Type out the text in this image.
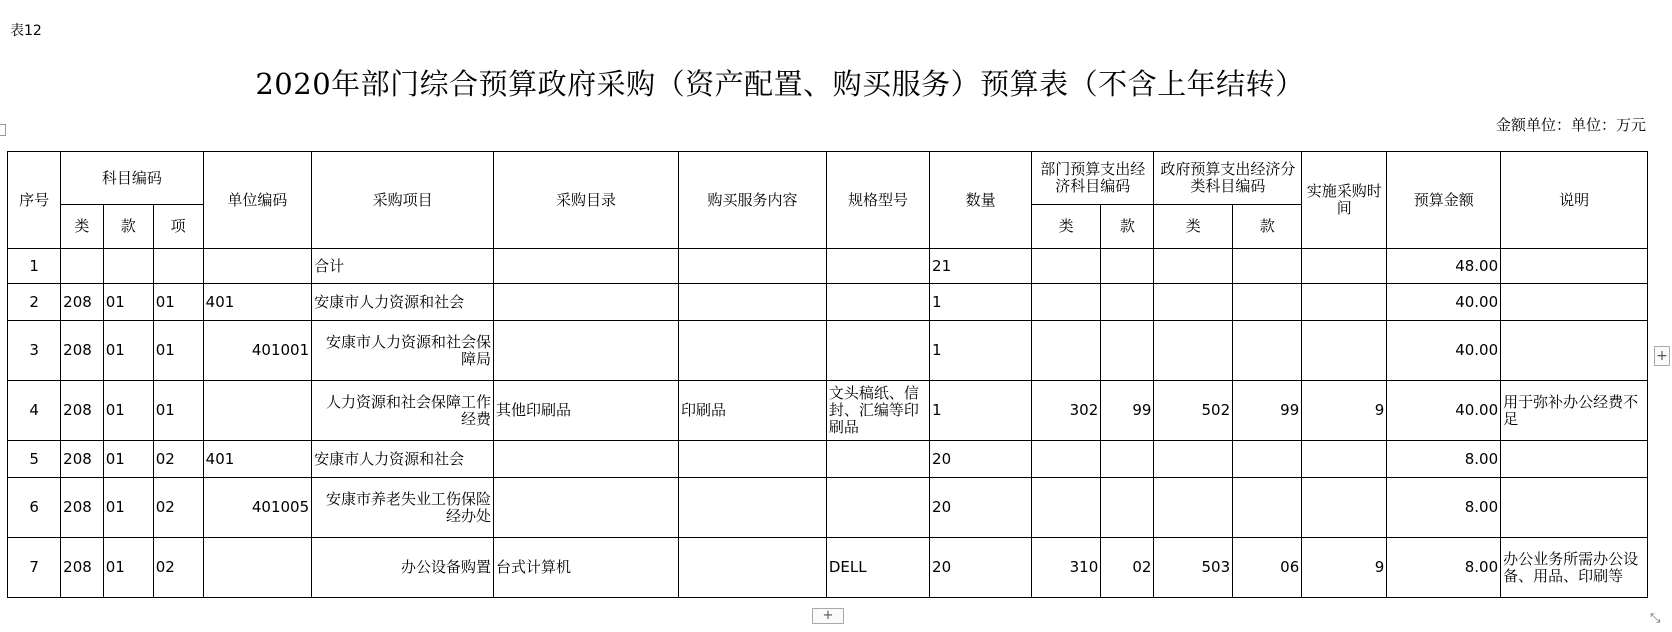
表12
2020年部门综合预算政府采购（资产配置、购买服务）预算表（不含上年结转）
金额单位：单位：万元
序号	科目编码			单位编码	采购项目	采购目录	购买服务内容	规格型号	数量	部门预算支出经济科目编码		政府预算支出经济分类科目编码		实施采购时间	预算金额	说明
	类	款	项							类	款	类	款			
1					合计				21						48.00	
2	208	01	01	401	安康市人力资源和社会				1						40.00	
3	208	01	01	401001	安康市人力资源和社会保障局				1						40.00	
4	208	01	01		人力资源和社会保障工作经费	其他印刷品	印刷品	文头稿纸、信封、汇编等印刷品	1	302	99	502	99	9	40.00	用于弥补办公经费不足
5	208	01	02	401	安康市人力资源和社会				20						8.00	
6	208	01	02	401005	安康市养老失业工伤保险经办处				20						8.00	
7	208	01	02		办公设备购置	台式计算机		DELL	20	310	02	503	06	9	8.00	办公业务所需办公设备、用品、印刷等
+
+	⤡
